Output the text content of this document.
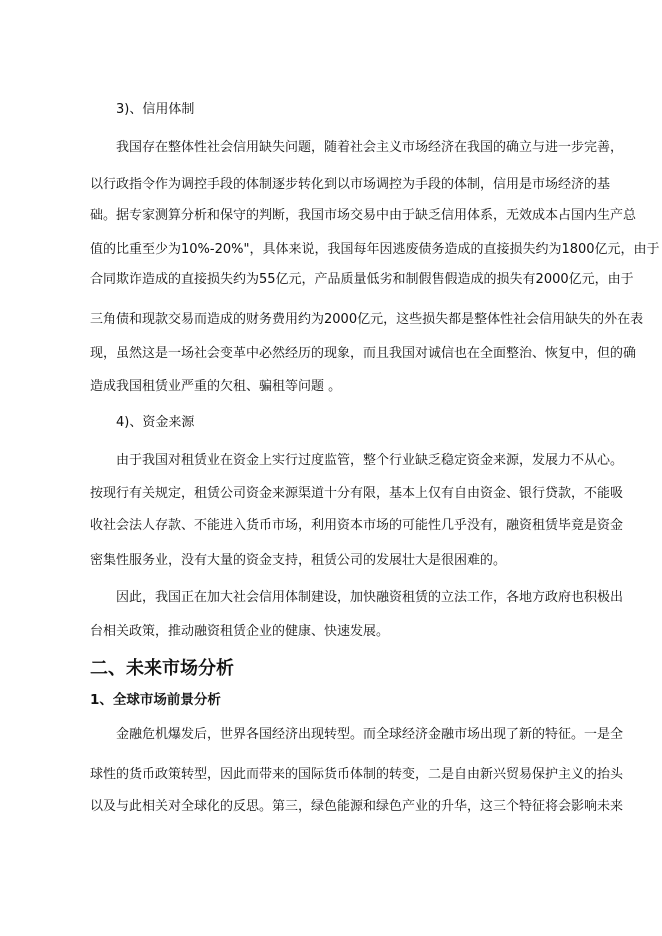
3)、信用体制
我国存在整体性社会信用缺失问题，随着社会主义市场经济在我国的确立与进一步完善，
以行政指令作为调控手段的体制逐步转化到以市场调控为手段的体制，信用是市场经济的基
础。据专家测算分析和保守的判断，我国市场交易中由于缺乏信用体系，无效成本占国内生产总
值的比重至少为10%-20%"，具体来说，我国每年因逃废债务造成的直接损失约为1800亿元，由于
合同欺诈造成的直接损失约为55亿元，产品质量低劣和制假售假造成的损失有2000亿元，由于
三角债和现款交易而造成的财务费用约为2000亿元，这些损失都是整体性社会信用缺失的外在表
现，虽然这是一场社会变革中必然经历的现象，而且我国对诚信也在全面整治、恢复中，但的确
造成我国租赁业严重的欠租、骗租等问题 。
4)、资金来源
由于我国对租赁业在资金上实行过度监管，整个行业缺乏稳定资金来源，发展力不从心。
按现行有关规定，租赁公司资金来源渠道十分有限，基本上仅有自由资金、银行贷款，不能吸
收社会法人存款、不能进入货币市场，利用资本市场的可能性几乎没有，融资租赁毕竟是资金
密集性服务业，没有大量的资金支持，租赁公司的发展壮大是很困难的。
因此，我国正在加大社会信用体制建设，加快融资租赁的立法工作，各地方政府也积极出
台相关政策，推动融资租赁企业的健康、快速发展。
二、未来市场分析
1、全球市场前景分析
金融危机爆发后，世界各国经济出现转型。而全球经济金融市场出现了新的特征。一是全
球性的货币政策转型，因此而带来的国际货币体制的转变，二是自由新兴贸易保护主义的抬头
以及与此相关对全球化的反思。第三，绿色能源和绿色产业的升华，这三个特征将会影响未来
